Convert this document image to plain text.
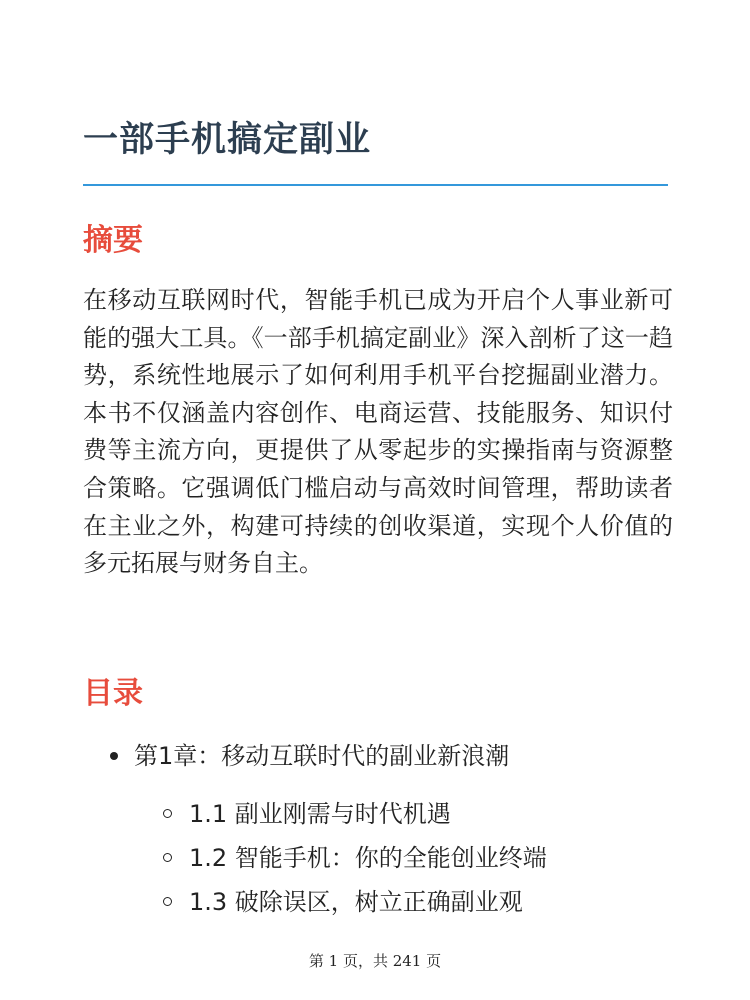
一部手机搞定副业
摘要
在移动互联网时代，智能手机已成为开启个人事业新可能的强大工具。《一部手机搞定副业》深入剖析了这一趋势，系统性地展示了如何利用手机平台挖掘副业潜力。本书不仅涵盖内容创作、电商运营、技能服务、知识付费等主流方向，更提供了从零起步的实操指南与资源整合策略。它强调低门槛启动与高效时间管理，帮助读者在主业之外，构建可持续的创收渠道，实现个人价值的多元拓展与财务自主。
目录
第1章：移动互联时代的副业新浪潮
1.1 副业刚需与时代机遇
1.2 智能手机：你的全能创业终端
1.3 破除误区，树立正确副业观
第 1 页，共 241 页
